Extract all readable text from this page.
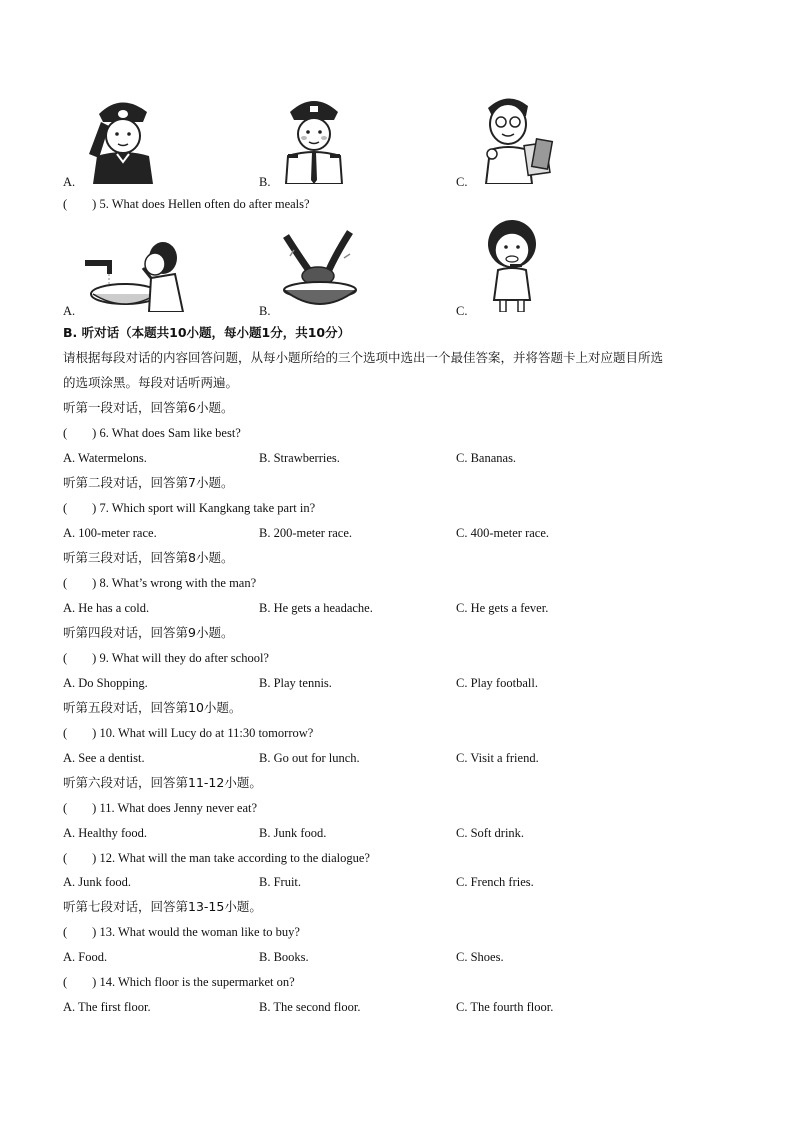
A.	B.	C.
(        ) 5. What does Hellen often do after meals?
A.	B.	C.
B. 听对话（本题共10小题，每小题1分，共10分）
请根据每段对话的内容回答问题，从每小题所给的三个选项中选出一个最佳答案，并将答题卡上对应题目所选
的选项涂黑。每段对话听两遍。
听第一段对话，回答第6小题。
(        ) 6. What does Sam like best?
A. Watermelons.	B. Strawberries.	C. Bananas.
听第二段对话，回答第7小题。
(        ) 7. Which sport will Kangkang take part in?
A. 100-meter race.	B. 200-meter race.	C. 400-meter race.
听第三段对话，回答第8小题。
(        ) 8. What’s wrong with the man?
A. He has a cold.	B. He gets a headache.	C. He gets a fever.
听第四段对话，回答第9小题。
(        ) 9. What will they do after school?
A. Do Shopping.	B. Play tennis.	C. Play football.
听第五段对话，回答第10小题。
(        ) 10. What will Lucy do at 11:30 tomorrow?
A. See a dentist.	B. Go out for lunch.	C. Visit a friend.
听第六段对话，回答第11-12小题。
(        ) 11. What does Jenny never eat?
A. Healthy food.	B. Junk food.	C. Soft drink.
(        ) 12. What will the man take according to the dialogue?
A. Junk food.	B. Fruit.	C. French fries.
听第七段对话，回答第13-15小题。
(        ) 13. What would the woman like to buy?
A. Food.	B. Books.	C. Shoes.
(        ) 14. Which floor is the supermarket on?
A. The first floor.	B. The second floor.	C. The fourth floor.
